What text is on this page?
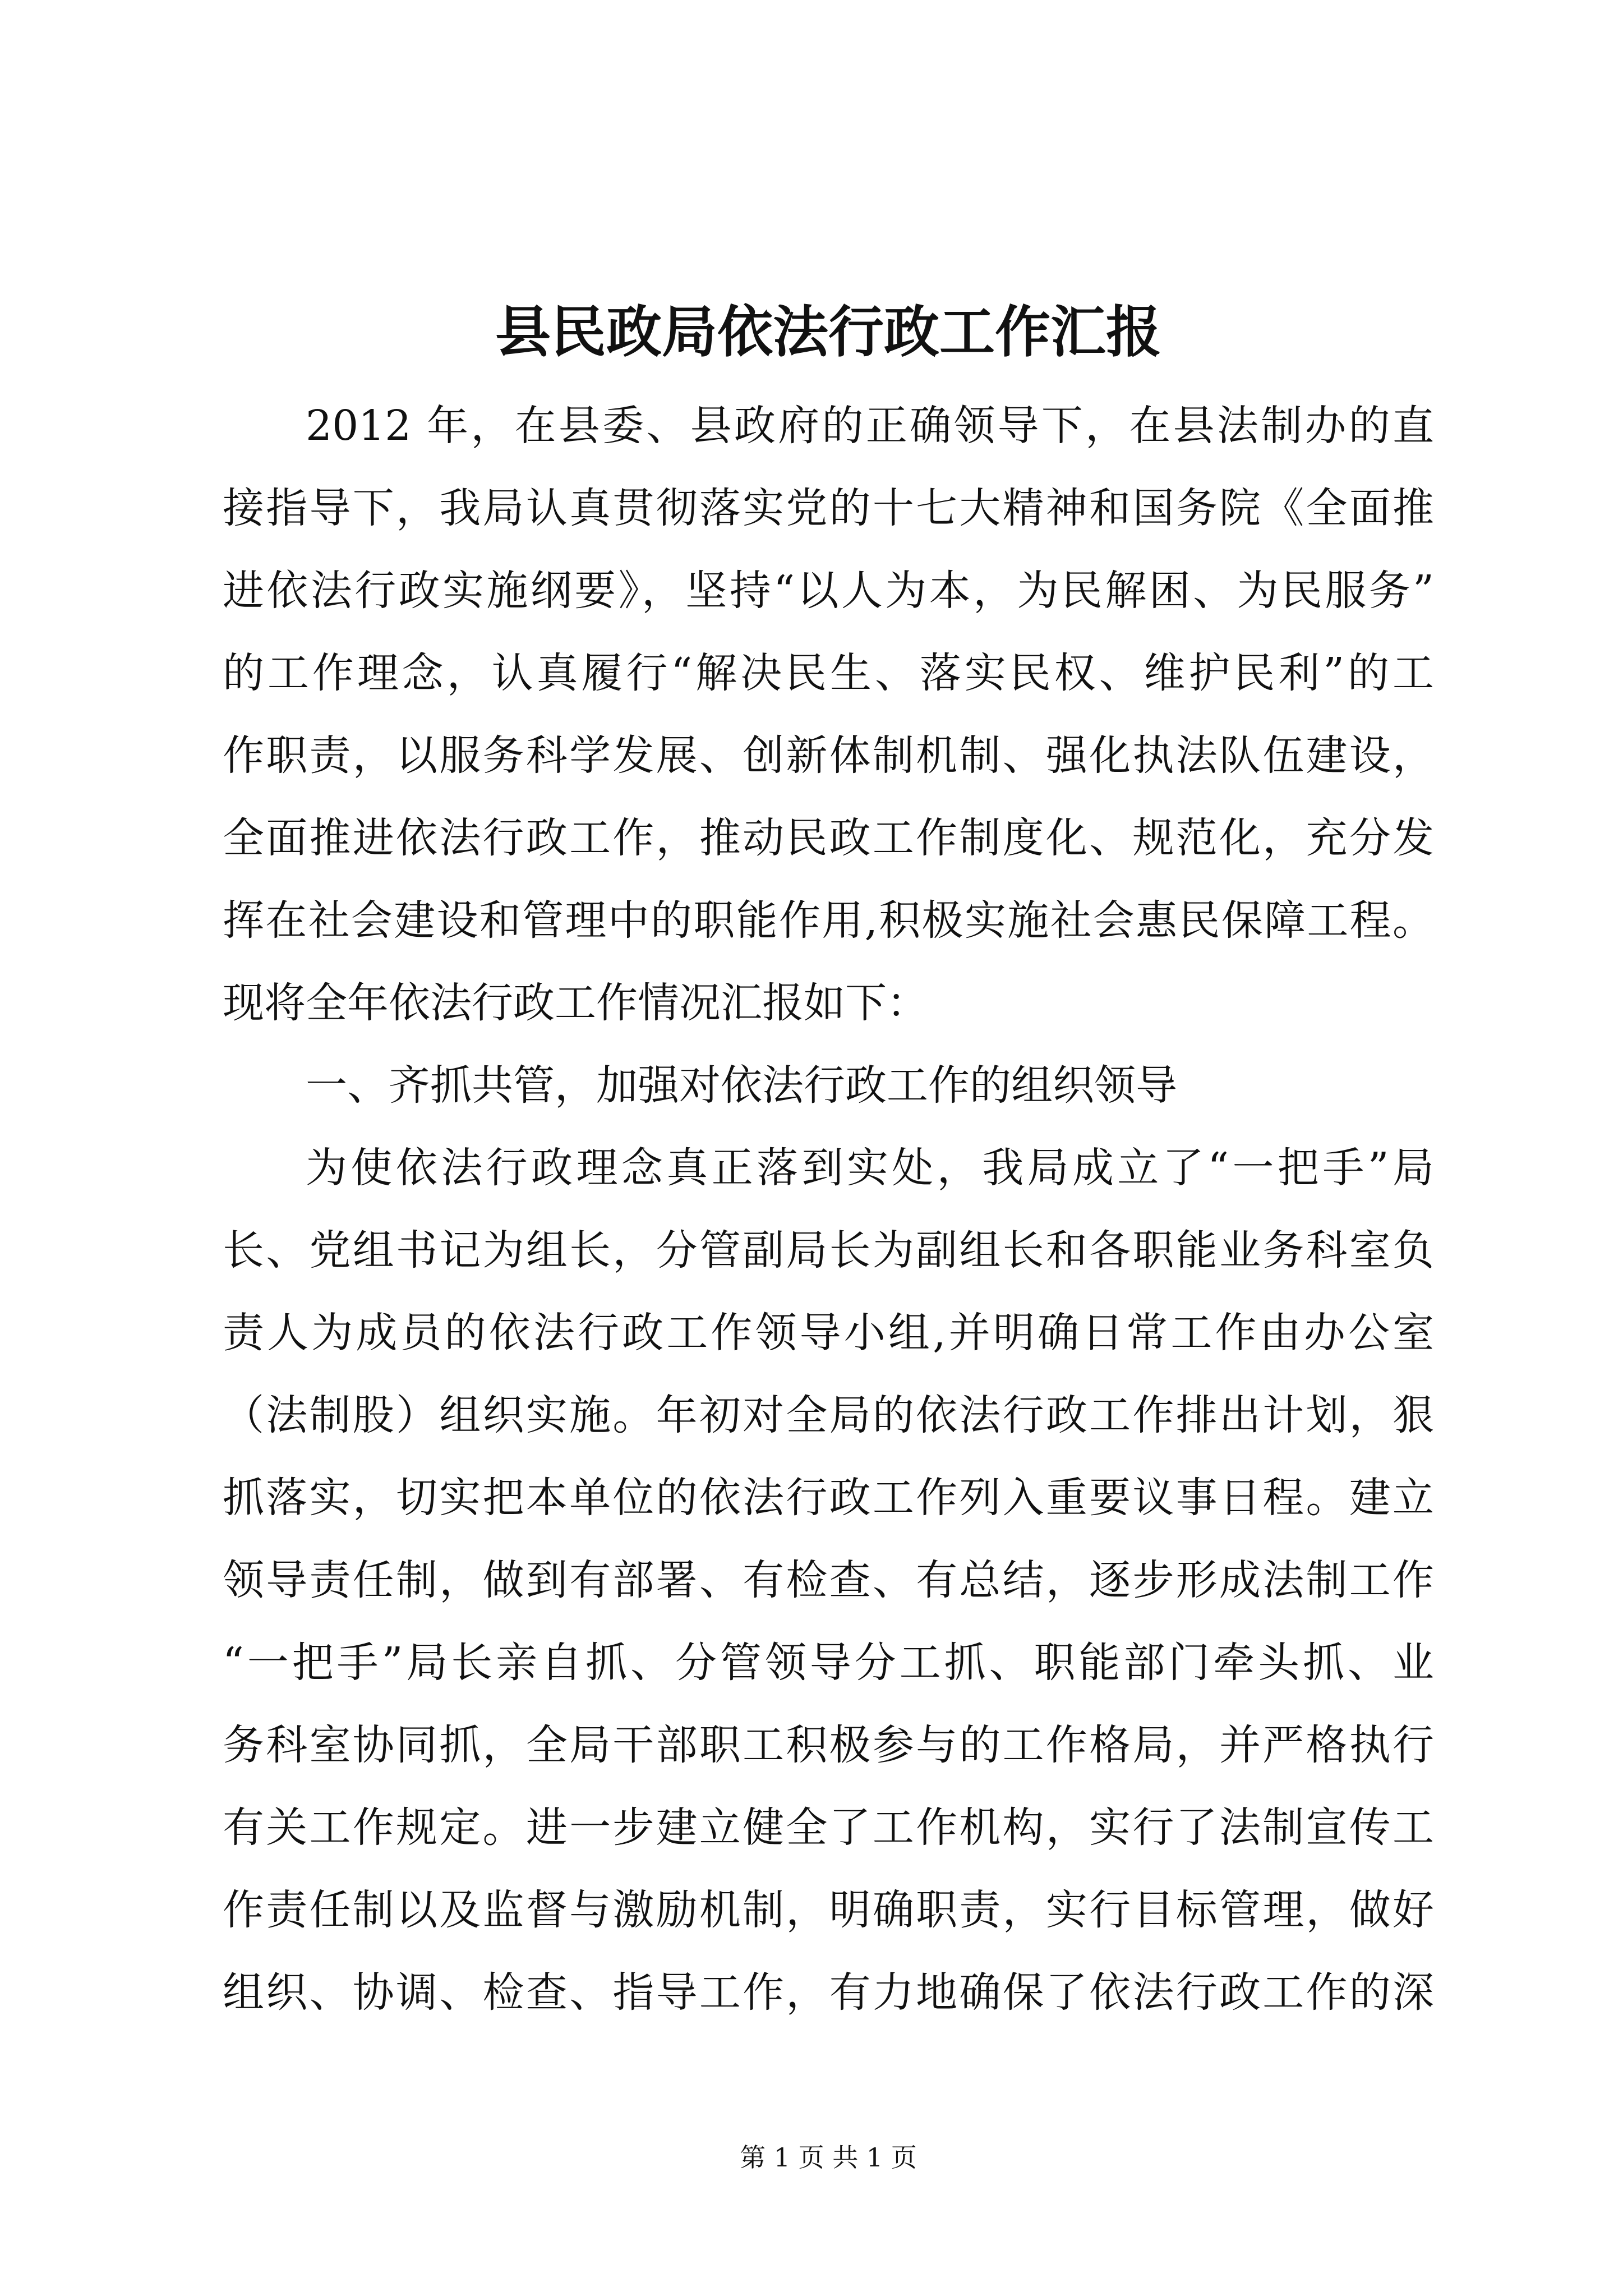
县民政局依法行政工作汇报
2012 年，在县委、县政府的正确领导下，在县法制办的直
接指导下，我局认真贯彻落实党的十七大精神和国务院《全面推
进依法行政实施纲要》，坚持“以人为本，为民解困、为民服务”
的工作理念，认真履行“解决民生、落实民权、维护民利”的工
作职责，以服务科学发展、创新体制机制、强化执法队伍建设，
全面推进依法行政工作，推动民政工作制度化、规范化，充分发
挥在社会建设和管理中的职能作用,积极实施社会惠民保障工程。
现将全年依法行政工作情况汇报如下：
一、齐抓共管，加强对依法行政工作的组织领导
为使依法行政理念真正落到实处，我局成立了“一把手”局
长、党组书记为组长，分管副局长为副组长和各职能业务科室负
责人为成员的依法行政工作领导小组,并明确日常工作由办公室
（法制股）组织实施。年初对全局的依法行政工作排出计划，狠
抓落实，切实把本单位的依法行政工作列入重要议事日程。建立
领导责任制，做到有部署、有检查、有总结，逐步形成法制工作
“一把手”局长亲自抓、分管领导分工抓、职能部门牵头抓、业
务科室协同抓，全局干部职工积极参与的工作格局，并严格执行
有关工作规定。进一步建立健全了工作机构，实行了法制宣传工
作责任制以及监督与激励机制，明确职责，实行目标管理，做好
组织、协调、检查、指导工作，有力地确保了依法行政工作的深
第 1 页 共 1 页
